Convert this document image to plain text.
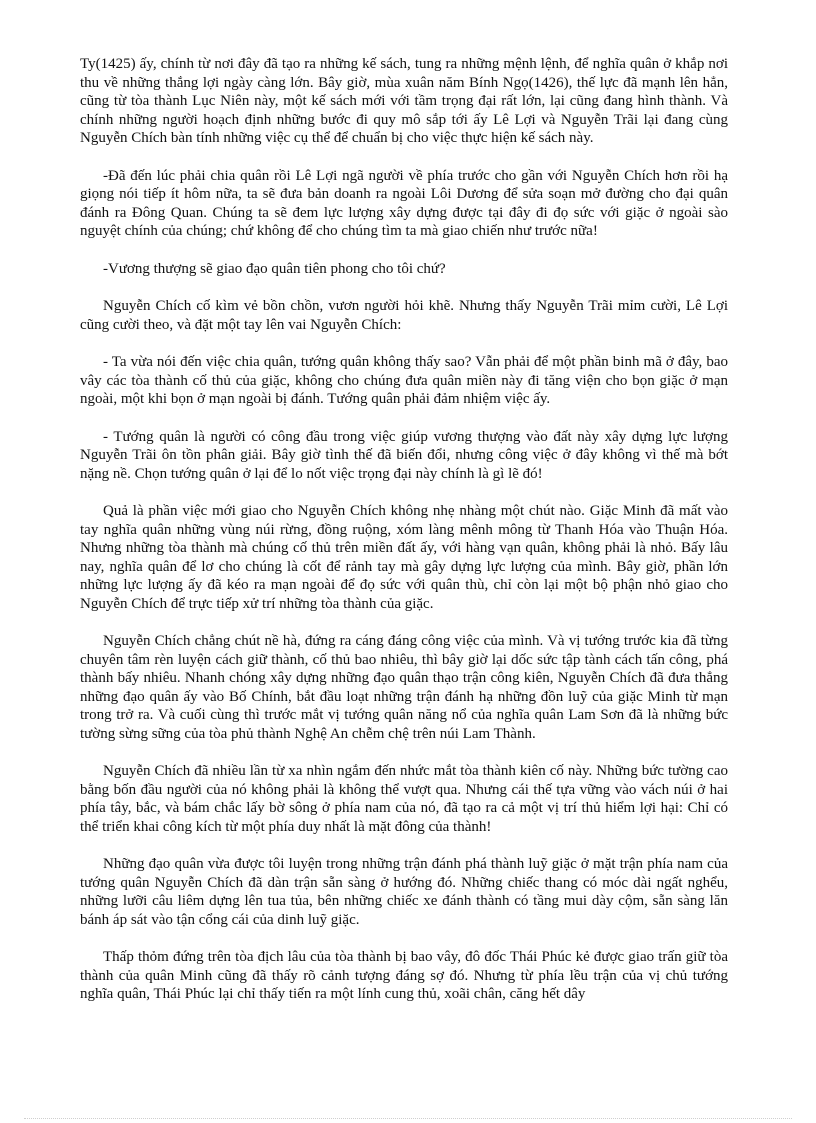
Ty(1425) ấy, chính từ nơi đây đã tạo ra những kế sách, tung ra những mệnh lệnh, để nghĩa quân ở khắp nơi thu về những thắng lợi ngày càng lớn. Bây giờ, mùa xuân năm Bính Ngọ(1426), thế lực đã mạnh lên hẳn, cũng từ tòa thành Lục Niên này, một kế sách mới với tầm trọng đại rất lớn, lại cũng đang hình thành. Và chính những người hoạch định những bước đi quy mô sắp tới ấy Lê Lợi và Nguyễn Trãi lại đang cùng Nguyễn Chích bàn tính những việc cụ thể để chuẩn bị cho việc thực hiện kế sách này.

-Đã đến lúc phải chia quân rồi Lê Lợi ngã người về phía trước cho gần với Nguyễn Chích hơn rồi hạ giọng nói tiếp ít hôm nữa, ta sẽ đưa bản doanh ra ngoài Lôi Dương để sửa soạn mở đường cho đại quân đánh ra Đông Quan. Chúng ta sẽ đem lực lượng xây dựng được tại đây đi đọ sức với giặc ở ngoài sào nguyệt chính của chúng; chứ không để cho chúng tìm ta mà giao chiến như trước nữa!

-Vương thượng sẽ giao đạo quân tiên phong cho tôi chứ?

Nguyễn Chích cố kìm vẻ bồn chồn, vươn người hỏi khẽ. Nhưng thấy Nguyễn Trãi mỉm cười, Lê Lợi cũng cười theo, và đặt một tay lên vai Nguyễn Chích:

- Ta vừa nói đến việc chia quân, tướng quân không thấy sao? Vẫn phải để một phần binh mã ở đây, bao vây các tòa thành cố thủ của giặc, không cho chúng đưa quân miền này đi tăng viện cho bọn giặc ở mạn ngoài, một khi bọn ở mạn ngoài bị đánh. Tướng quân phải đảm nhiệm việc ấy.

- Tướng quân là người có công đầu trong việc giúp vương thượng vào đất này xây dựng lực lượng Nguyễn Trãi ôn tồn phân giải. Bây giờ tình thế đã biến đổi, nhưng công việc ở đây không vì thế mà bớt nặng nề. Chọn tướng quân ở lại để lo nốt việc trọng đại này chính là gì lẽ đó!

Quả là phần việc mới giao cho Nguyễn Chích không nhẹ nhàng một chút nào. Giặc Minh đã mất vào tay nghĩa quân những vùng núi rừng, đồng ruộng, xóm làng mênh mông từ Thanh Hóa vào Thuận Hóa. Nhưng những tòa thành mà chúng cố thủ trên miền đất ấy, với hàng vạn quân, không phải là nhỏ. Bấy lâu nay, nghĩa quân để lơ cho chúng là cốt để rảnh tay mà gây dựng lực lượng của mình. Bây giờ, phần lớn những lực lượng ấy đã kéo ra mạn ngoài để đọ sức với quân thù, chỉ còn lại một bộ phận nhỏ giao cho Nguyễn Chích để trực tiếp xử trí những tòa thành của giặc.

Nguyễn Chích chẳng chút nề hà, đứng ra cáng đáng công việc của mình. Và vị tướng trước kia đã từng chuyên tâm rèn luyện cách giữ thành, cố thủ bao nhiêu, thì bây giờ lại dốc sức tập tành cách tấn công, phá thành bấy nhiêu. Nhanh chóng xây dựng những đạo quân thạo trận công kiên, Nguyễn Chích đã đưa thẳng những đạo quân ấy vào Bố Chính, bắt đầu loạt những trận đánh hạ những đồn luỹ của giặc Minh từ mạn trong trở ra. Và cuối cùng thì trước mắt vị tướng quân năng nổ của nghĩa quân Lam Sơn đã là những bức tường sừng sững của tòa phủ thành Nghệ An chễm chệ trên núi Lam Thành.

Nguyễn Chích đã nhiều lần từ xa nhìn ngắm đến nhức mắt tòa thành kiên cố này. Những bức tường cao bằng bốn đầu người của nó không phải là không thể vượt qua. Nhưng cái thế tựa vững vào vách núi ở hai phía tây, bắc, và bám chắc lấy bờ sông ở phía nam của nó, đã tạo ra cả một vị trí thủ hiểm lợi hại: Chỉ có thể triển khai công kích từ một phía duy nhất là mặt đông của thành!

Những đạo quân vừa được tôi luyện trong những trận đánh phá thành luỹ giặc ở mặt trận phía nam của tướng quân Nguyễn Chích đã dàn trận sẵn sàng ở hướng đó. Những chiếc thang có móc dài ngất nghểu, những lưỡi câu liêm dựng lên tua tủa, bên những chiếc xe đánh thành có tầng mui dày cộm, sẵn sàng lăn bánh áp sát vào tận cổng cái của dinh luỹ giặc.

Thấp thỏm đứng trên tòa địch lâu của tòa thành bị bao vây, đô đốc Thái Phúc kẻ được giao trấn giữ tòa thành của quân Minh cũng đã thấy rõ cảnh tượng đáng sợ đó. Nhưng từ phía lều trận của vị chủ tướng nghĩa quân, Thái Phúc lại chỉ thấy tiến ra một lính cung thủ, xoãi chân, căng hết dây
